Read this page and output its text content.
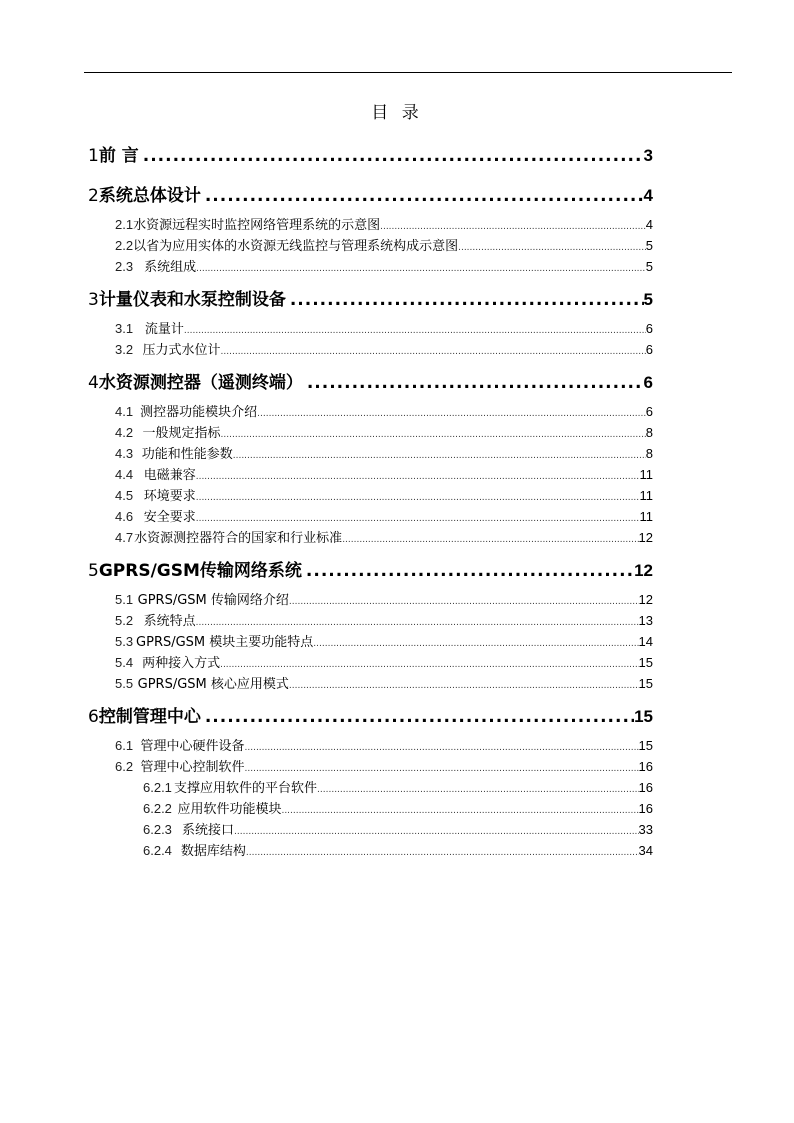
目 录
1 前 言 .....	3
2 系统总体设计 .....	4
2.1 水资源远程实时监控网络管理系统的示意图 .....	4
2.2 以省为应用实体的水资源无线监控与管理系统构成示意图 .....	5
2.3 系统组成 .....	5
3 计量仪表和水泵控制设备 .....	5
3.1 流量计 .....	6
3.2 压力式水位计 .....	6
4 水资源测控器（遥测终端） .....	6
4.1 测控器功能模块介绍 .....	6
4.2 一般规定指标 .....	8
4.3 功能和性能参数 .....	8
4.4 电磁兼容 .....	11
4.5 环境要求 .....	11
4.6 安全要求 .....	11
4.7 水资源测控器符合的国家和行业标准 .....	12
5 GPRS/GSM传输网络系统 .....	12
5.1 GPRS/GSM 传输网络介绍 .....	12
5.2 系统特点 .....	13
5.3 GPRS/GSM 模块主要功能特点 .....	14
5.4 两种接入方式 .....	15
5.5 GPRS/GSM 核心应用模式 .....	15
6 控制管理中心 .....	15
6.1 管理中心硬件设备 .....	15
6.2 管理中心控制软件 .....	16
6.2.1 支撑应用软件的平台软件 .....	16
6.2.2 应用软件功能模块 .....	16
6.2.3 系统接口 .....	33
6.2.4 数据库结构 .....	34
